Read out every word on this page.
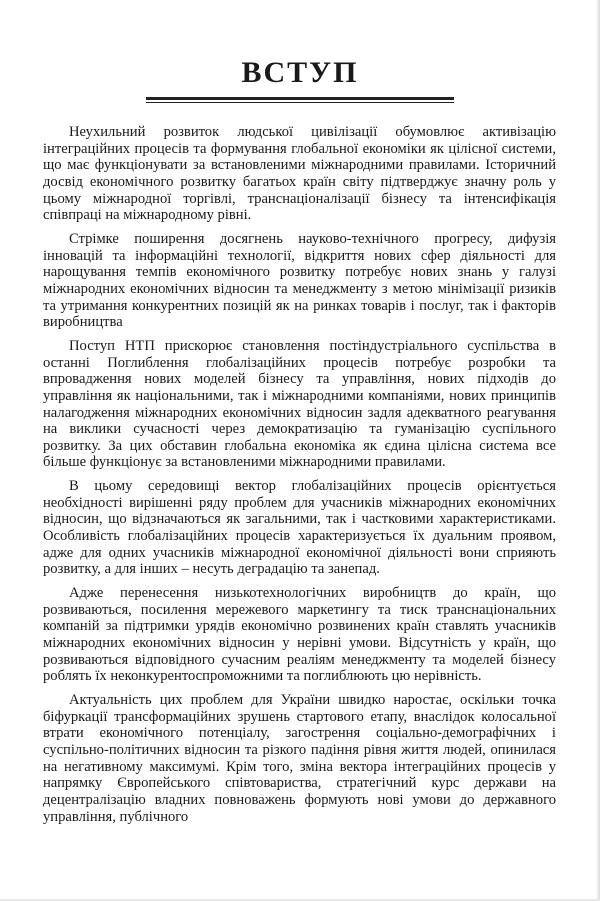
ВСТУП

Неухильний розвиток людської цивілізації обумовлює активізацію інтеграційних процесів та формування глобальної економіки як цілісної системи, що має функціонувати за встановленими міжнародними правилами. Історичний досвід економічного розвитку багатьох країн світу підтверджує значну роль у цьому міжнародної торгівлі, транснаціоналізації бізнесу та інтенсифікація співпраці на міжнародному рівні.

Стрімке поширення досягнень науково-технічного прогресу, дифузія інновацій та інформаційні технології, відкриття нових сфер діяльності для нарощування темпів економічного розвитку потребує нових знань у галузі міжнародних економічних відносин та менеджменту з метою мінімізації ризиків та утримання конкурентних позицій як на ринках товарів і послуг, так і факторів виробництва

Поступ НТП прискорює становлення постіндустріального суспільства в останні Поглиблення глобалізаційних процесів потребує розробки та впровадження нових моделей бізнесу та управління, нових підходів до управління як національними, так і міжнародними компаніями, нових принципів налагодження міжнародних економічних відносин задля адекватного реагування на виклики сучасності через демократизацію та гуманізацію суспільного розвитку. За цих обставин глобальна економіка як єдина цілісна система все більше функціонує за встановленими міжнародними правилами.

В цьому середовищі вектор глобалізаційних процесів орієнтується необхідності вирішенні ряду проблем для учасників міжнародних економічних відносин, що відзначаються як загальними, так і частковими характеристиками. Особливість глобалізаційних процесів характеризується їх дуальним проявом, адже для одних учасників міжнародної економічної діяльності вони сприяють розвитку, а для інших – несуть деградацію та занепад.

Адже перенесення низькотехнологічних виробництв до країн, що розвиваються, посилення мережевого маркетингу та тиск транснаціональних компаній за підтримки урядів економічно розвинених країн ставлять учасників міжнародних економічних відносин у нерівні умови. Відсутність у країн, що розвиваються відповідного сучасним реаліям менеджменту та моделей бізнесу роблять їх неконкурентоспроможними та поглиблюють цю нерівність.

Актуальність цих проблем для України швидко наростає, оскільки точка біфуркації трансформаційних зрушень стартового етапу, внаслідок колосальної втрати економічного потенціалу, загострення соціально-демографічних і суспільно-політичних відносин та різкого падіння рівня життя людей, опинилася на негативному максимумі. Крім того, зміна вектора інтеграційних процесів у напрямку Європейського співтовариства, стратегічний курс держави на децентралізацію владних повноважень формують нові умови до державного управління, публічного
